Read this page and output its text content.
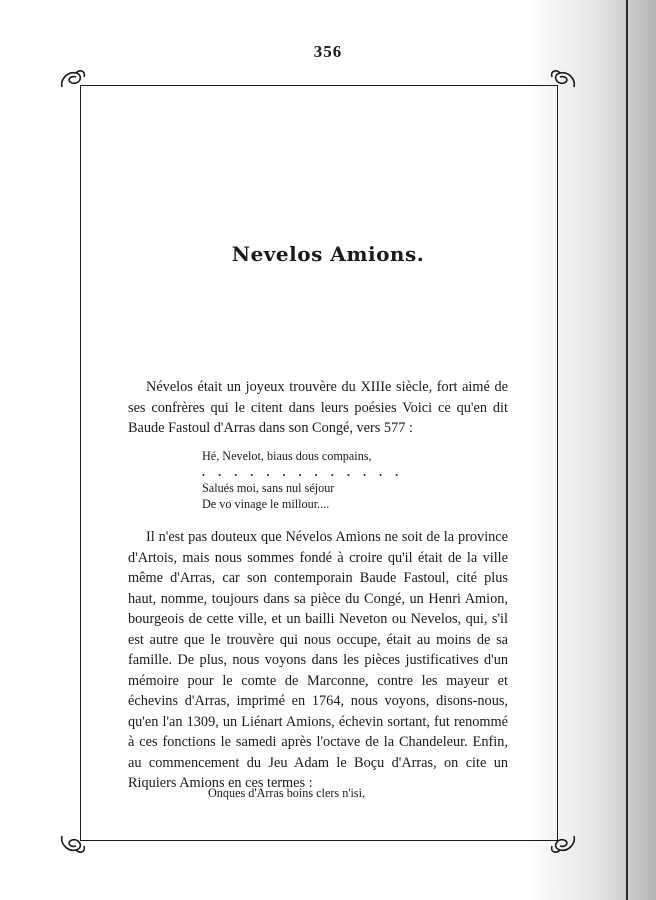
356
Nevelos Amions.

Névelos était un joyeux trouvère du XIIIe siècle, fort aimé de ses confrères qui le citent dans leurs poésies Voici ce qu'en dit Baude Fastoul d'Arras dans son Congé, vers 577 :

Hé, Nevelot, biaus dous compains,
. . . . . . . . . . . . .
Salués moi, sans nul séjour
De vo vinage le millour....

Il n'est pas douteux que Névelos Amions ne soit de la province d'Artois, mais nous sommes fondé à croire qu'il était de la ville même d'Arras, car son contemporain Baude Fastoul, cité plus haut, nomme, toujours dans sa pièce du Congé, un Henri Amion, bourgeois de cette ville, et un bailli Neveton ou Nevelos, qui, s'il est autre que le trouvère qui nous occupe, était au moins de sa famille. De plus, nous voyons dans les pièces justificatives d'un mémoire pour le comte de Marconne, contre les mayeur et échevins d'Arras, imprimé en 1764, nous voyons, disons-nous, qu'en l'an 1309, un Liénart Amions, échevin sortant, fut renommé à ces fonctions le samedi après l'octave de la Chandeleur. Enfin, au commencement du Jeu Adam le Boçu d'Arras, on cite un Riquiers Amions en ces termes :

Onques d'Arras boins clers n'isi,
